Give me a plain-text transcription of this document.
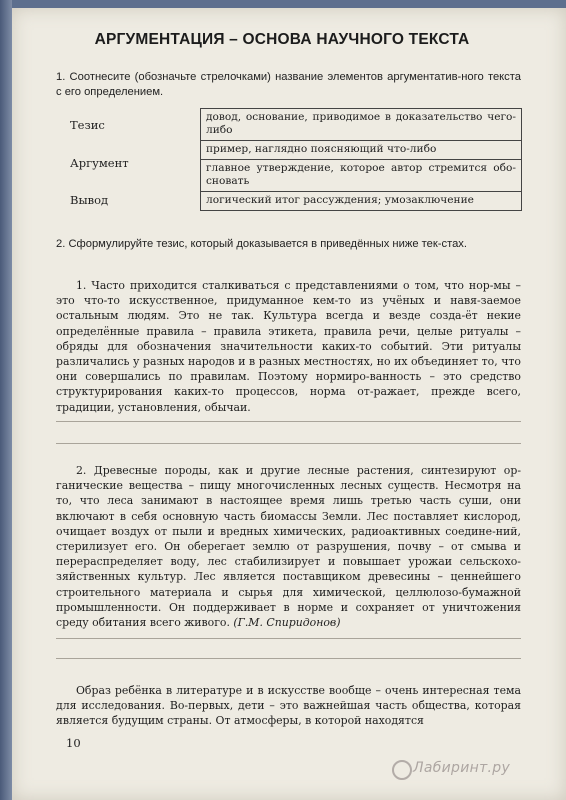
АРГУМЕНТАЦИЯ – ОСНОВА НАУЧНОГО ТЕКСТА

1. Соотнесите (обозначьте стрелочками) название элементов аргументатив-ного текста с его определением.

Тезис
Аргумент
Вывод
довод, основание, приводимое в доказательство чего-либо
пример, наглядно поясняющий что-либо
главное утверждение, которое автор стремится обо-сновать
логический итог рассуждения; умозаключение

2. Сформулируйте тезис, который доказывается в приведённых ниже тек-стах.

1. Часто приходится сталкиваться с представлениями о том, что нор-мы – это что-то искусственное, придуманное кем-то из учёных и навя-заемое остальным людям. Это не так. Культура всегда и везде созда-ёт некие определённые правила – правила этикета, правила речи, целые ритуалы – обряды для обозначения значительности каких-то событий. Эти ритуалы различались у разных народов и в разных местностях, но их объединяет то, что они совершались по правилам. Поэтому нормиро-ванность – это средство структурирования каких-то процессов, норма от-ражает, прежде всего, традиции, установления, обычаи.

2. Древесные породы, как и другие лесные растения, синтезируют ор-ганические вещества – пищу многочисленных лесных существ. Несмотря на то, что леса занимают в настоящее время лишь третью часть суши, они включают в себя основную часть биомассы Земли. Лес поставляет кислород, очищает воздух от пыли и вредных химических, радиоактивных соедине-ний, стерилизует его. Он оберегает землю от разрушения, почву – от смыва и перераспределяет воду, лес стабилизирует и повышает урожаи сельскохо-зяйственных культур. Лес является поставщиком древесины – ценнейшего строительного материала и сырья для химической, целлюлозо-бумажной промышленности. Он поддерживает в норме и сохраняет от уничтожения среду обитания всего живого. (Г.М. Спиридонов)

Образ ребёнка в литературе и в искусстве вообще – очень интересная тема для исследования. Во-первых, дети – это важнейшая часть общества, которая является будущим страны. От атмосферы, в которой находятся

10
Лабиринт.ру
